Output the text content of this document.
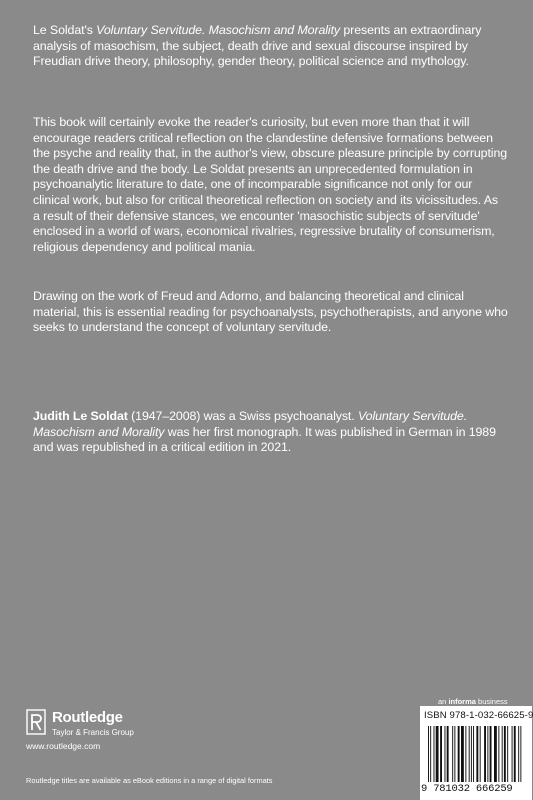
Le Soldat's Voluntary Servitude. Masochism and Morality presents an extraordinary analysis of masochism, the subject, death drive and sexual discourse inspired by Freudian drive theory, philosophy, gender theory, political science and mythology.

This book will certainly evoke the reader's curiosity, but even more than that it will encourage readers critical reflection on the clandestine defensive formations between the psyche and reality that, in the author's view, obscure pleasure principle by corrupting the death drive and the body. Le Soldat presents an unprecedented formulation in psychoanalytic literature to date, one of incomparable significance not only for our clinical work, but also for critical theoretical reflection on society and its vicissitudes. As a result of their defensive stances, we encounter 'masochistic subjects of servitude' enclosed in a world of wars, economical rivalries, regressive brutality of consumerism, religious dependency and political mania.

Drawing on the work of Freud and Adorno, and balancing theoretical and clinical material, this is essential reading for psychoanalysts, psychotherapists, and anyone who seeks to understand the concept of voluntary servitude.

Judith Le Soldat (1947–2008) was a Swiss psychoanalyst. Voluntary Servitude. Masochism and Morality was her first monograph. It was published in German in 1989 and was republished in a critical edition in 2021.

Routledge
Taylor & Francis Group
www.routledge.com
Routledge titles are available as eBook editions in a range of digital formats
an informa business
ISBN 978-1-032-66625-9
9 781032 666259
